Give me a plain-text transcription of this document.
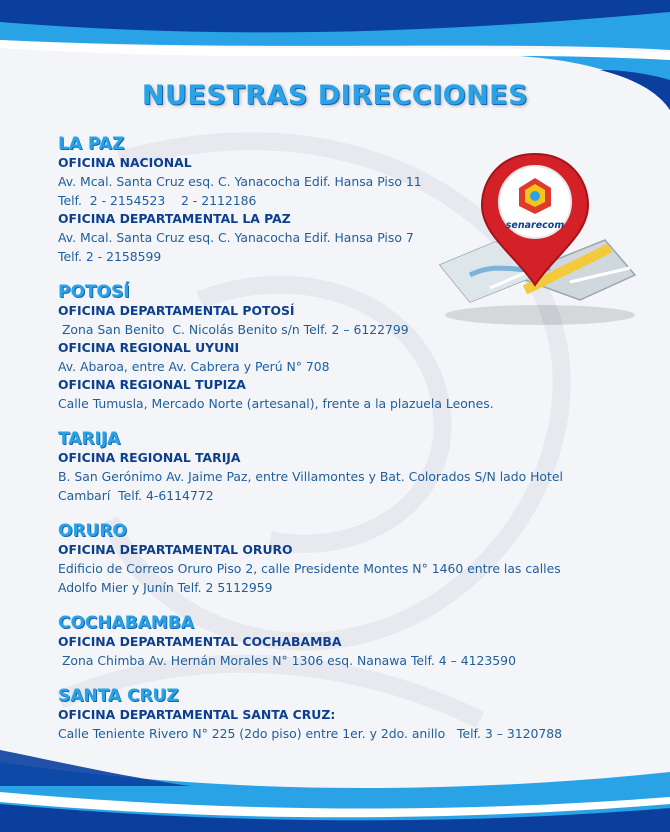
NUESTRAS DIRECCIONES
senarecom
LA PAZ

OFICINA NACIONAL

Av. Mcal. Santa Cruz esq. C. Yanacocha Edif. Hansa Piso 11

Telf.  2 - 2154523    2 - 2112186

OFICINA DEPARTAMENTAL LA PAZ

Av. Mcal. Santa Cruz esq. C. Yanacocha Edif. Hansa Piso 7

Telf. 2 - 2158599

POTOSÍ

OFICINA DEPARTAMENTAL POTOSÍ

Zona San Benito  C. Nicolás Benito s/n Telf. 2 – 6122799

OFICINA REGIONAL UYUNI

Av. Abaroa, entre Av. Cabrera y Perú N° 708

OFICINA REGIONAL TUPIZA

Calle Tumusla, Mercado Norte (artesanal), frente a la plazuela Leones.

TARIJA

OFICINA REGIONAL TARIJA

B. San Gerónimo Av. Jaime Paz, entre Villamontes y Bat. Colorados S/N lado Hotel

Cambarí  Telf. 4-6114772

ORURO

OFICINA DEPARTAMENTAL ORURO

Edificio de Correos Oruro Piso 2, calle Presidente Montes N° 1460 entre las calles

Adolfo Mier y Junín Telf. 2 5112959

COCHABAMBA

OFICINA DEPARTAMENTAL COCHABAMBA

Zona Chimba Av. Hernán Morales N° 1306 esq. Nanawa Telf. 4 – 4123590

SANTA CRUZ

OFICINA DEPARTAMENTAL SANTA CRUZ:

Calle Teniente Rivero N° 225 (2do piso) entre 1er. y 2do. anillo   Telf. 3 – 3120788
